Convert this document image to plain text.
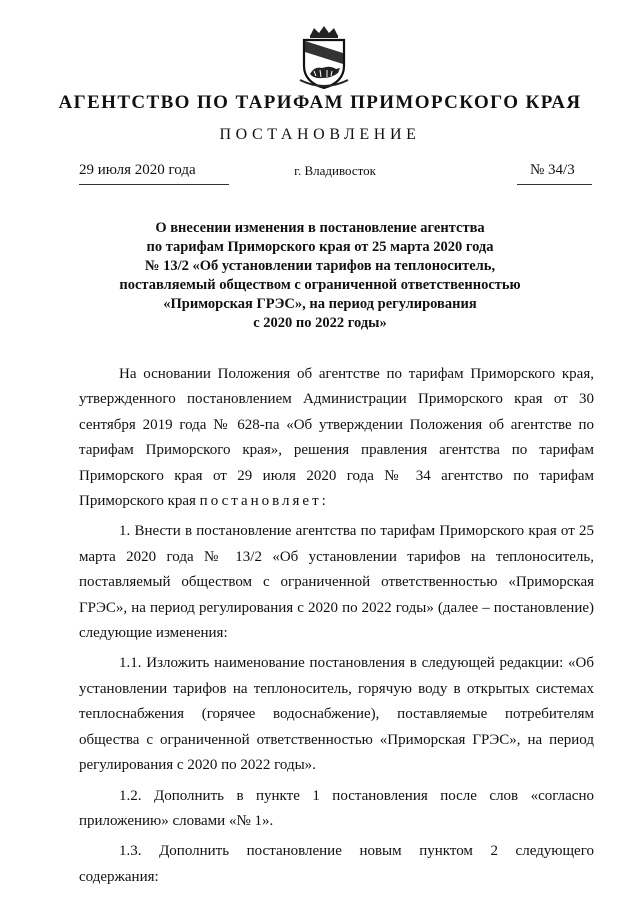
АГЕНТСТВО ПО ТАРИФАМ ПРИМОРСКОГО КРАЯ
ПОСТАНОВЛЕНИЕ
29 июля 2020 года	г. Владивосток	№ 34/3
О внесении изменения в постановление агентства
по тарифам Приморского края от 25 марта 2020 года
№ 13/2 «Об установлении тарифов на теплоноситель,
поставляемый обществом с ограниченной ответственностью
«Приморская ГРЭС», на период регулирования
с 2020 по 2022 годы»

На основании Положения об агентстве по тарифам Приморского края, утвержденного постановлением Администрации Приморского края от 30 сентября 2019 года № 628-па «Об утверждении Положения об агентстве по тарифам Приморского края», решения правления агентства по тарифам Приморского края от 29 июля 2020 года № 34 агентство по тарифам Приморского края постановляет:

1. Внести в постановление агентства по тарифам Приморского края от 25 марта 2020 года № 13/2 «Об установлении тарифов на теплоноситель, поставляемый обществом с ограниченной ответственностью «Приморская ГРЭС», на период регулирования с 2020 по 2022 годы» (далее – постановление) следующие изменения:

1.1. Изложить наименование постановления в следующей редакции: «Об установлении тарифов на теплоноситель, горячую воду в открытых системах теплоснабжения (горячее водоснабжение), поставляемые потребителям общества с ограниченной ответственностью «Приморская ГРЭС», на период регулирования с 2020 по 2022 годы».

1.2. Дополнить в пункте 1 постановления после слов «согласно приложению» словами «№ 1».

1.3. Дополнить постановление новым пунктом 2 следующего содержания:
